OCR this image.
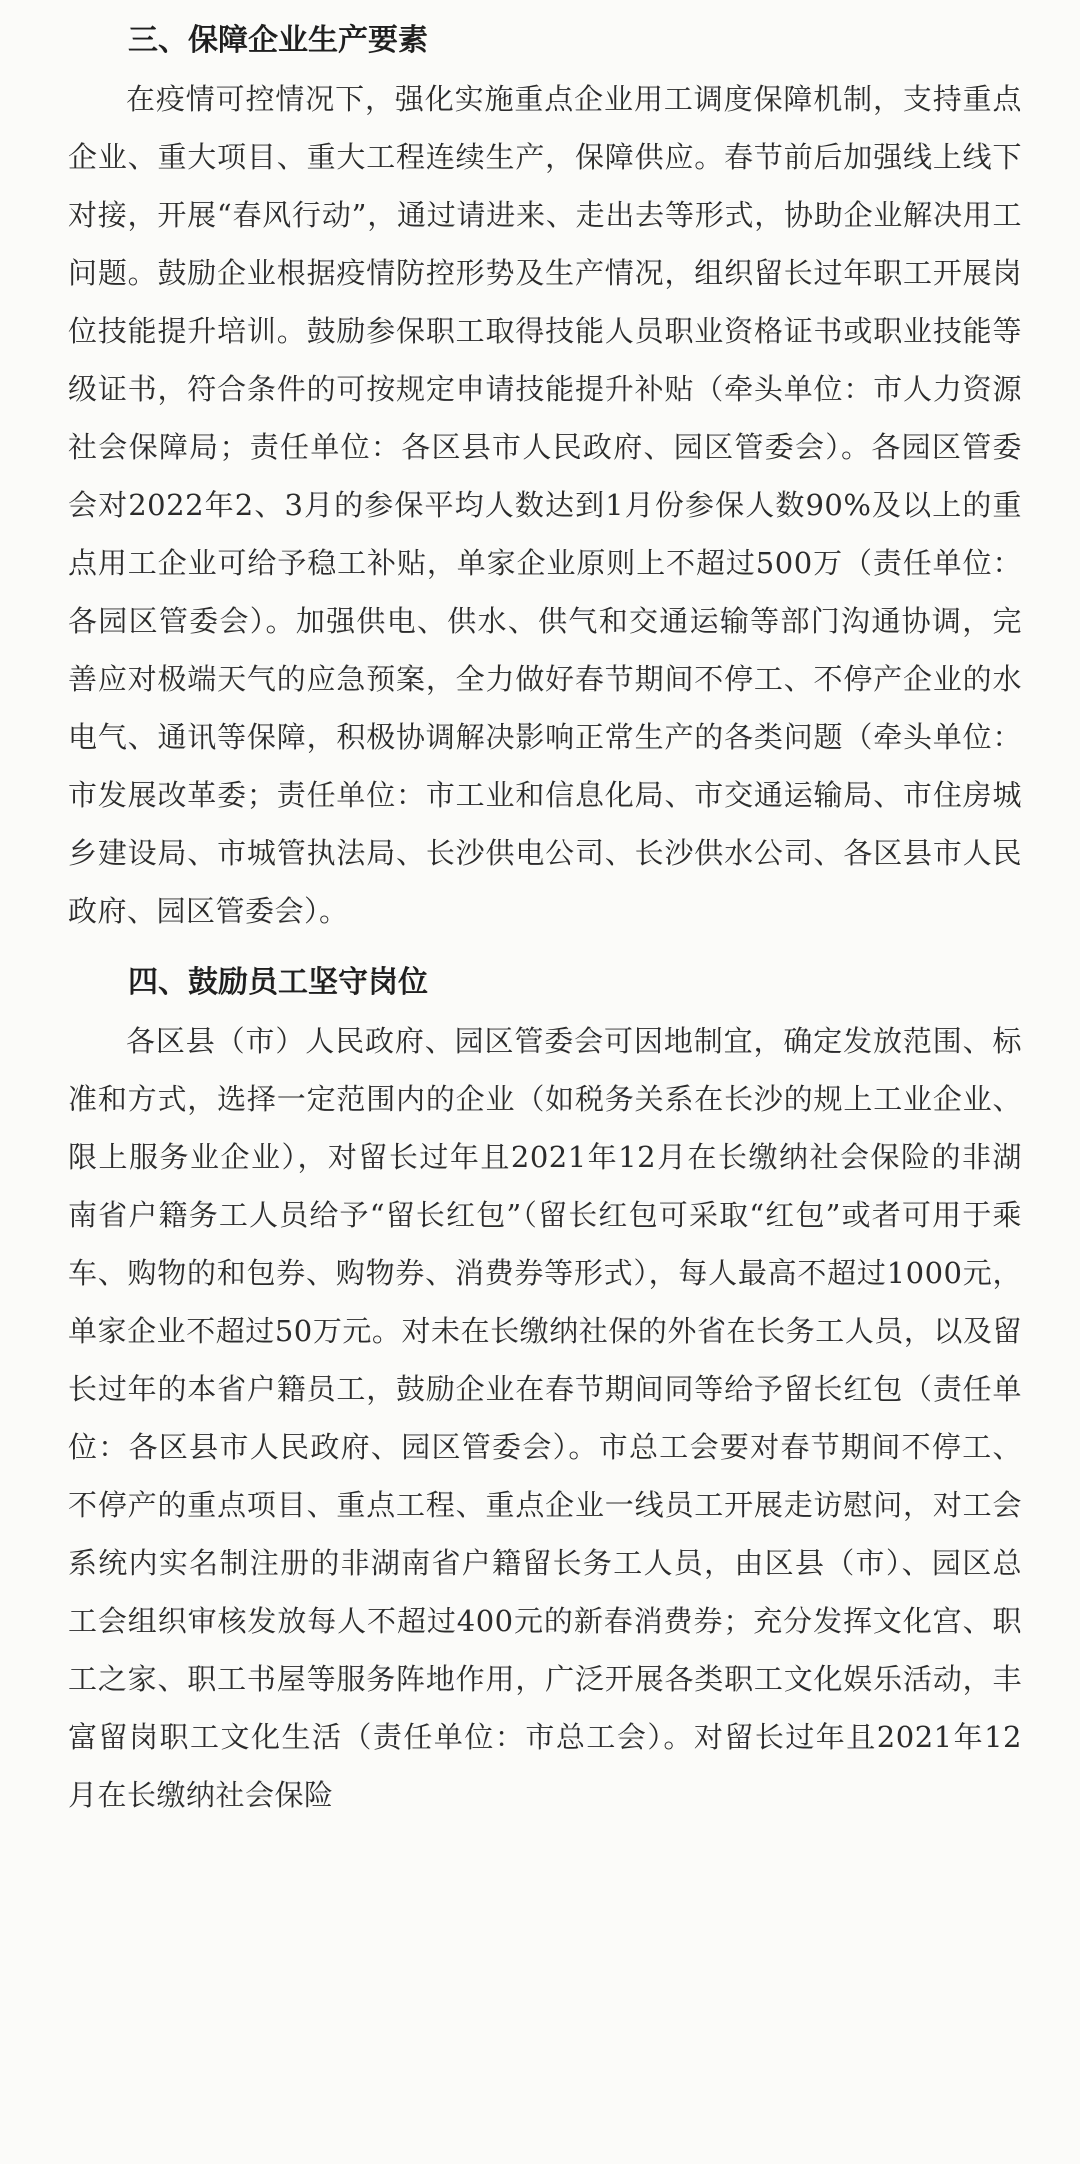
三、保障企业生产要素

在疫情可控情况下，强化实施重点企业用工调度保障机制，支持重点企业、重大项目、重大工程连续生产，保障供应。春节前后加强线上线下对接，开展“春风行动”，通过请进来、走出去等形式，协助企业解决用工问题。鼓励企业根据疫情防控形势及生产情况，组织留长过年职工开展岗位技能提升培训。鼓励参保职工取得技能人员职业资格证书或职业技能等级证书，符合条件的可按规定申请技能提升补贴（牵头单位：市人力资源社会保障局；责任单位：各区县市人民政府、园区管委会）。各园区管委会对2022年2、3月的参保平均人数达到1月份参保人数90%及以上的重点用工企业可给予稳工补贴，单家企业原则上不超过500万（责任单位：各园区管委会）。加强供电、供水、供气和交通运输等部门沟通协调，完善应对极端天气的应急预案，全力做好春节期间不停工、不停产企业的水电气、通讯等保障，积极协调解决影响正常生产的各类问题（牵头单位：市发展改革委；责任单位：市工业和信息化局、市交通运输局、市住房城乡建设局、市城管执法局、长沙供电公司、长沙供水公司、各区县市人民政府、园区管委会）。

四、鼓励员工坚守岗位

各区县（市）人民政府、园区管委会可因地制宜，确定发放范围、标准和方式，选择一定范围内的企业（如税务关系在长沙的规上工业企业、限上服务业企业），对留长过年且2021年12月在长缴纳社会保险的非湖南省户籍务工人员给予“留长红包”（留长红包可采取“红包”或者可用于乘车、购物的和包券、购物券、消费券等形式），每人最高不超过1000元，单家企业不超过50万元。对未在长缴纳社保的外省在长务工人员，以及留长过年的本省户籍员工，鼓励企业在春节期间同等给予留长红包（责任单位：各区县市人民政府、园区管委会）。市总工会要对春节期间不停工、不停产的重点项目、重点工程、重点企业一线员工开展走访慰问，对工会系统内实名制注册的非湖南省户籍留长务工人员，由区县（市）、园区总工会组织审核发放每人不超过400元的新春消费券；充分发挥文化宫、职工之家、职工书屋等服务阵地作用，广泛开展各类职工文化娱乐活动，丰富留岗职工文化生活（责任单位：市总工会）。对留长过年且2021年12月在长缴纳社会保险
